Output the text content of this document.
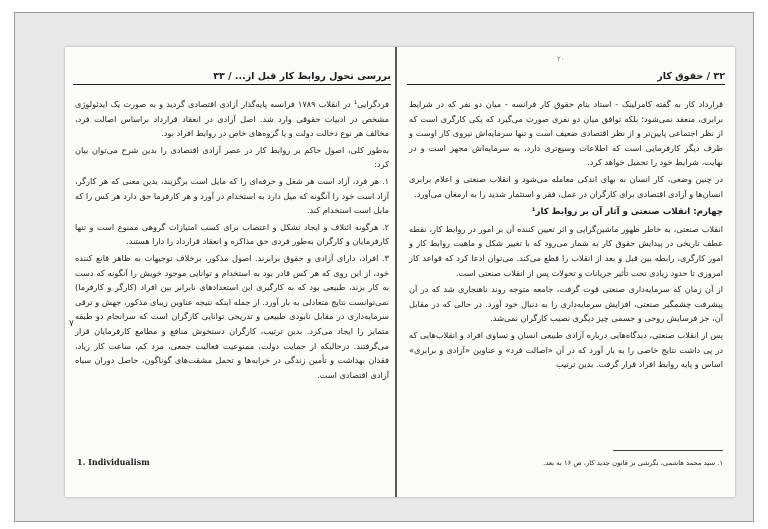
بررسی تحول روابط کار قبل از... / ۳۳
۷

فردگرایی¹ در انقلاب ۱۷۸۹ فرانسه پایه‌گذار آزادی اقتصادی گردید و به صورت یک ایدئولوژی مشخص در ادبیات حقوقی وارد شد. اصل آزادی در انعقاد قرارداد براساس اصالت فرد، مخالف هر نوع دخالت دولت و یا گروه‌های خاص در روابط افراد بود.

به‌طور کلی، اصول حاکم بر روابط کار در عصر آزادی اقتصادی را بدین شرح می‌توان بیان کرد:

۱. هر فرد، آزاد است هر شغل و حرفه‌ای را که مایل است برگزیند، بدین معنی که هر کارگر، آزاد است خود را آنگونه که میل دارد به استخدام در آورد و هر کارفرما حق دارد هر کس را که مایل است استخدام کند.

۲. هرگونه ائتلاف و ایجاد تشکل و اعتصاب برای کسب امتیازات گروهی ممنوع است و تنها کارفرمایان و کارگران به‌طور فردی حق مذاکره و انعقاد قرارداد را دارا هستند.

۳. افراد، دارای آزادی و حقوق برابرند. اصول مذکور، برخلاف توجیهات به ظاهر قانع کننده خود، از این روی که هر کس قادر بود به استخدام و توانایی موجود خویش را آنگونه که دست به کار بزند، طبیعی بود که به کارگیری این استعدادهای نابرابر بین افراد (کارگر و کارفرما) نمی‌توانست نتایج متعادلی به بار آورد. از جمله اینکه نتیجه عناوین زیبای مذکور، جهش و ترقی سرمایه‌داری در مقابل نابودی طبیعی و تدریجی توانایی کارگران است که سرانجام دو طبقه متمایز را ایجاد می‌کرد. بدین ترتیب، کارگران دستخوش منافع و مطامع کارفرمایان قرار می‌گرفتند. درحالیکه از حمایت دولت، ممنوعیت فعالیت جمعی، مزد کم، ساعت کار زیاد، فقدان بهداشت و تأمین زندگی در خرابه‌ها و تحمل مشقت‌های گوناگون، حاصل دوران سیاه آزادی اقتصادی است.

1. Individualism
۲۰
۳۲ / حقوق کار

قرارداد کار به گفته کامرلینک - استاد بنام حقوق کار فرانسه - میان دو نفر که در شرایط برابری، منعقد نمی‌شود؛ بلکه توافق میان دو نفری صورت می‌گیرد که یکی کارگری است که از نظر اجتماعی پایین‌تر و از نظر اقتصادی ضعیف است و تنها سرمایه‌اش نیروی کار اوست و طرف دیگر کارفرمایی است که اطلاعات وسیع‌تری دارد، به سرمایه‌اش مجهز است و در نهایت، شرایط خود را تحمیل خواهد کرد.

در چنین وضعی، کار انسان به بهای اندکی معامله می‌شود و انقلاب صنعتی و اعلام برابری انسان‌ها و آزادی اقتصادی برای کارگران در عمل، فقر و استثمار شدید را به ارمغان می‌آورد.

چهارم: انقلاب صنعتی و آثار آن بر روابط کار¹

انقلاب صنعتی، به خاطر ظهور ماشین‌گرایی و اثر تعیین کننده آن بر امور در روابط کار، نقطه عطف تاریخی در پیدایش حقوق کار به شمار می‌رود که با تغییر شکل و ماهیت روابط کار و امور کارگری، رابطه بین قبل و بعد از انقلاب را قطع می‌کند. می‌توان ادعا کرد که قواعد کار امروزی تا حدود زیادی تحت تأثیر جریانات و تحولات پس از انقلاب صنعتی است.

از آن زمان که سرمایه‌داری صنعتی قوت گرفت، جامعه متوجه روند ناهنجاری شد که در آن پیشرفت چشمگیر صنعتی، افزایش سرمایه‌داری را به دنبال خود آورد. در حالی که در مقابل آن، جز فرسایش روحی و جسمی چیز دیگری نصیب کارگران نمی‌شد.

پس از انقلاب صنعتی، دیدگاه‌هایی درباره آزادی طبیعی انسان و تساوی افراد و انقلاب‌هایی که در پی داشت نتایج خاصی را به بار آورد که در آن «اصالت فرد» و عناوین «آزادی و برابری» اساس و پایه روابط افراد قرار گرفت. بدین ترتیب

۱. سید محمد هاشمی، نگرشی بر قانون جدید کار، ص ۱۶ به بعد.
